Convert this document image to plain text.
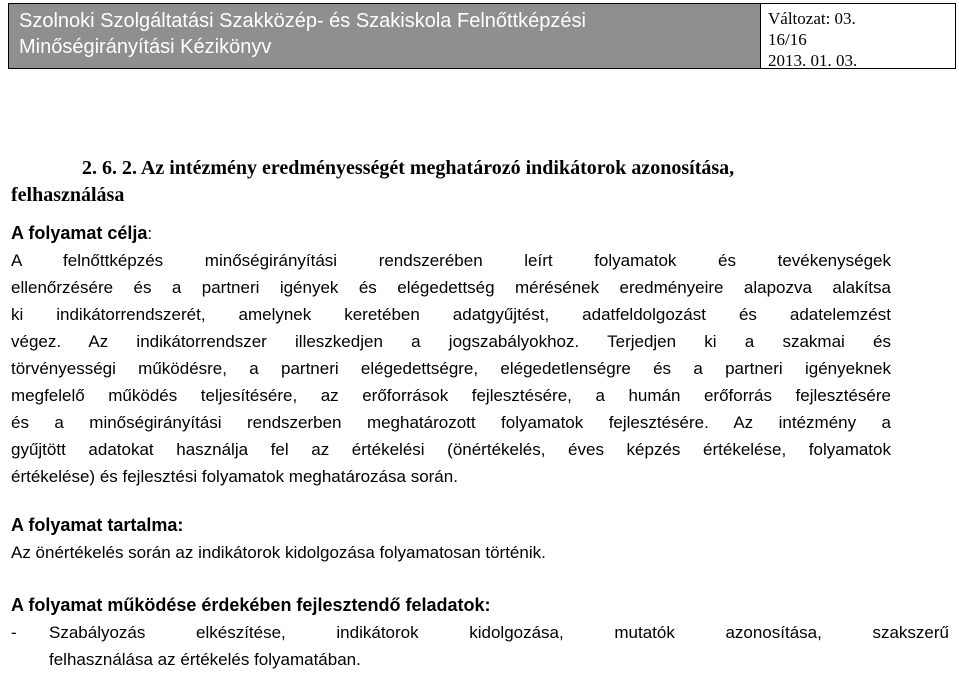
Szolnoki Szolgáltatási Szakközép- és Szakiskola Felnőttképzési
Minőségirányítási Kézikönyv
Változat: 03.
16/16
2013. 01. 03.
2. 6. 2. Az intézmény eredményességét meghatározó indikátorok azonosítása,
felhasználása
A folyamat célja:
A felnőttképzés minőségirányítási rendszerében leírt folyamatok és tevékenységek
ellenőrzésére és a partneri igények és elégedettség mérésének eredményeire alapozva alakítsa
ki indikátorrendszerét, amelynek keretében adatgyűjtést, adatfeldolgozást és adatelemzést
végez. Az indikátorrendszer illeszkedjen a jogszabályokhoz. Terjedjen ki a szakmai és
törvényességi működésre, a partneri elégedettségre, elégedetlenségre és a partneri igényeknek
megfelelő működés teljesítésére, az erőforrások fejlesztésére, a humán erőforrás fejlesztésére
és a minőségirányítási rendszerben meghatározott folyamatok fejlesztésére. Az intézmény a
gyűjtött adatokat használja fel az értékelési (önértékelés, éves képzés értékelése, folyamatok
értékelése) és fejlesztési folyamatok meghatározása során.
A folyamat tartalma:
Az önértékelés során az indikátorok kidolgozása folyamatosan történik.
A folyamat működése érdekében fejlesztendő feladatok:
-	Szabályozás elkészítése, indikátorok kidolgozása, mutatók azonosítása, szakszerű
felhasználása az értékelés folyamatában.
